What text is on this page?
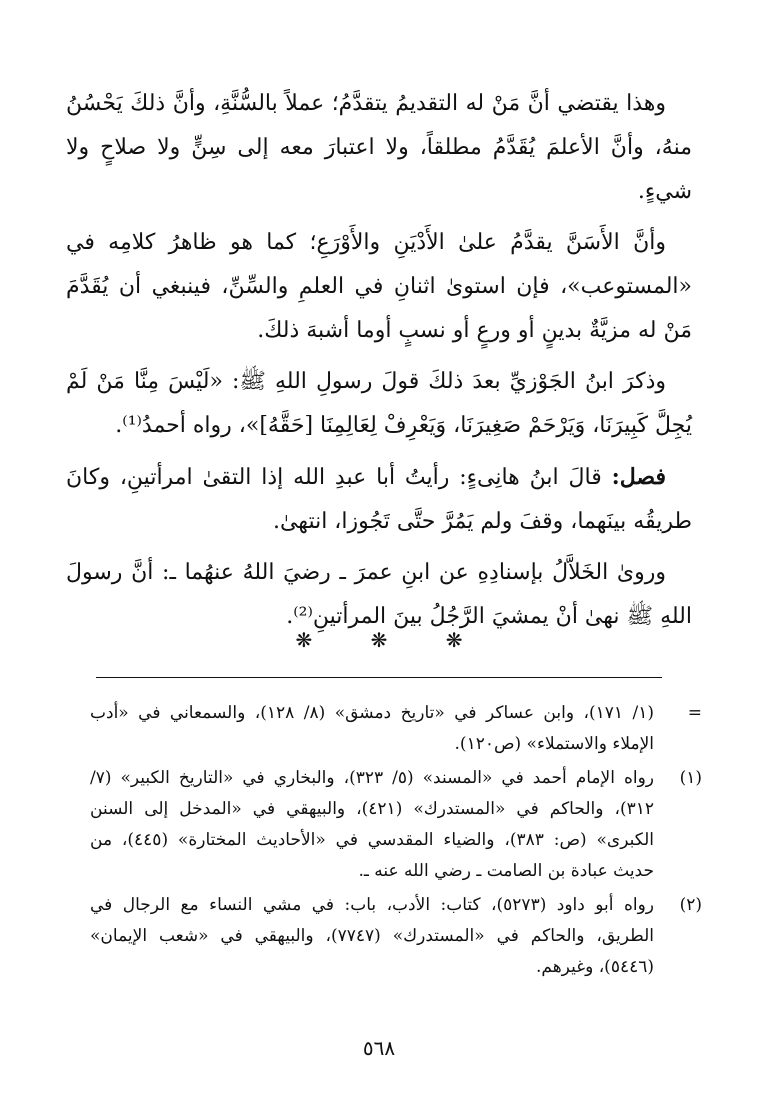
وهذا يقتضي أنَّ مَنْ له التقديمُ يتقدَّمُ؛ عملاً بالسُّنَّةِ، وأنَّ ذلكَ يَحْسُنُ منهُ، وأنَّ الأعلمَ يُقَدَّمُ مطلقاً، ولا اعتبارَ معه إلى سِنٍّ ولا صلاحٍ ولا شيءٍ.

وأنَّ الأَسَنَّ يقدَّمُ علىٰ الأَدْيَنِ والأَوْرَعِ؛ كما هو ظاهرُ كلامِه في «المستوعب»، فإن استوىٰ اثنانِ في العلمِ والسِّنِّ، فينبغي أن يُقَدَّمَ مَنْ له مزيَّةٌ بدينٍ أو ورعٍ أو نسبٍ أوما أشبهَ ذلكَ.

وذكرَ ابنُ الجَوْزيِّ بعدَ ذلكَ قولَ رسولِ اللهِ ﷺ: «لَيْسَ مِنَّا مَنْ لَمْ يُجِلَّ كَبِيرَنَا، وَيَرْحَمْ صَغِيرَنَا، وَيَعْرِفْ لِعَالِمِنَا [حَقَّهُ]»، رواه أحمدُ⁽¹⁾.

فصل: قالَ ابنُ هانِىءٍ: رأيتُ أبا عبدِ الله إذا التقىٰ امرأتينِ، وكانَ طريقُه بينَهما، وقفَ ولم يَمُرَّ حتَّى تَجُوزا، انتهىٰ.

وروىٰ الخَلاَّلُ بإسنادِهِ عن ابنِ عمرَ ـ رضيَ اللهُ عنهُما ـ: أنَّ رسولَ اللهِ ﷺ نهىٰ أنْ يمشيَ الرَّجُلُ بينَ المرأتينِ⁽²⁾.

❋ ❋ ❋
=
(١/ ١٧١)، وابن عساكر في «تاريخ دمشق» (٨/ ١٢٨)، والسمعاني في «أدب الإملاء والاستملاء» (ص١٢٠).
(١)
رواه الإمام أحمد في «المسند» (٥/ ٣٢٣)، والبخاري في «التاريخ الكبير» (٧/ ٣١٢)، والحاكم في «المستدرك» (٤٢١)، والبيهقي في «المدخل إلى السنن الكبرى» (ص: ٣٨٣)، والضياء المقدسي في «الأحاديث المختارة» (٤٤٥)، من حديث عبادة بن الصامت ـ رضي الله عنه ـ.
(٢)
رواه أبو داود (٥٢٧٣)، كتاب: الأدب، باب: في مشي النساء مع الرجال في الطريق، والحاكم في «المستدرك» (٧٧٤٧)، والبيهقي في «شعب الإيمان» (٥٤٤٦)، وغيرهم.
٥٦٨
